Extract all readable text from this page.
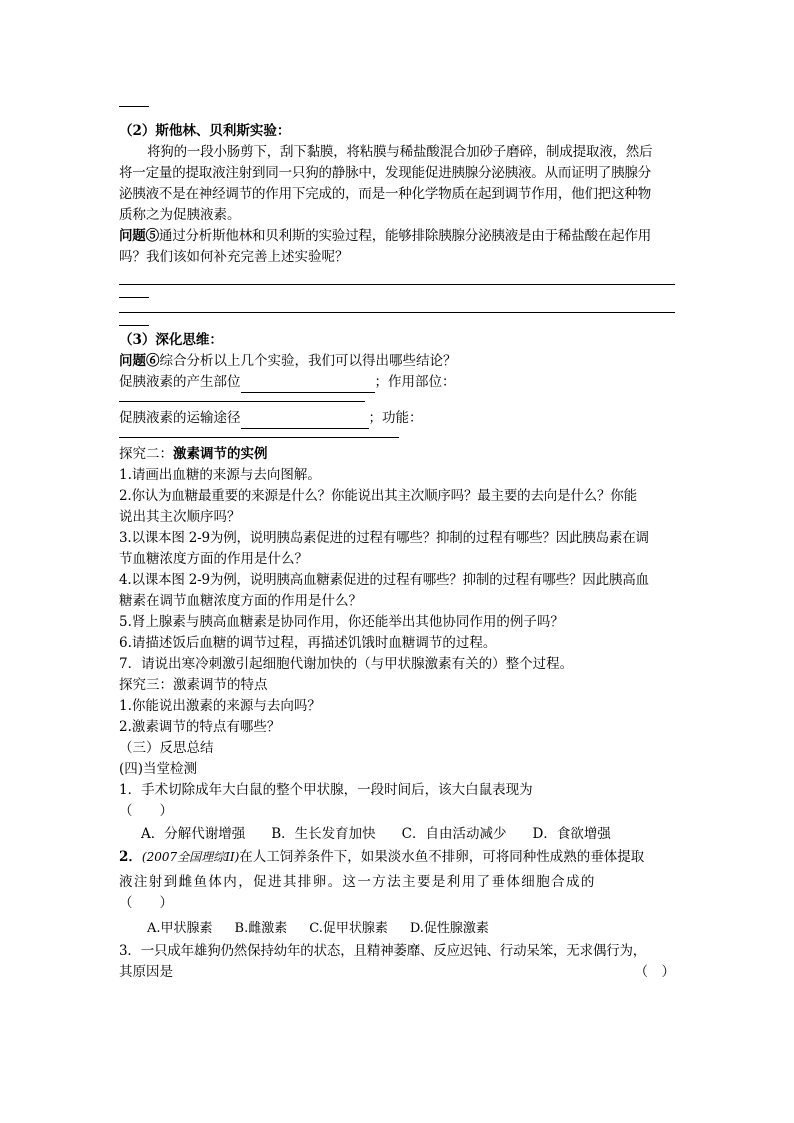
（2）斯他林、贝利斯实验：
将狗的一段小肠剪下，刮下黏膜，将粘膜与稀盐酸混合加砂子磨碎，制成提取液，然后
将一定量的提取液注射到同一只狗的静脉中，发现能促进胰腺分泌胰液。从而证明了胰腺分
泌胰液不是在神经调节的作用下完成的，而是一种化学物质在起到调节作用，他们把这种物
质称之为促胰液素。
问题⑤通过分析斯他林和贝利斯的实验过程，能够排除胰腺分泌胰液是由于稀盐酸在起作用
吗？我们该如何补充完善上述实验呢？
（3）深化思维：
问题⑥综合分析以上几个实验，我们可以得出哪些结论？
促胰液素的产生部位	；作用部位：
促胰液素的运输途径	；功能：
探究二：激素调节的实例
1.请画出血糖的来源与去向图解。
2.你认为血糖最重要的来源是什么？你能说出其主次顺序吗？最主要的去向是什么？你能
说出其主次顺序吗？
3.以课本图 2-9为例，说明胰岛素促进的过程有哪些？抑制的过程有哪些？因此胰岛素在调
节血糖浓度方面的作用是什么？
4.以课本图 2-9为例，说明胰高血糖素促进的过程有哪些？抑制的过程有哪些？因此胰高血
糖素在调节血糖浓度方面的作用是什么？
5.肾上腺素与胰高血糖素是协同作用，你还能举出其他协同作用的例子吗？
6.请描述饭后血糖的调节过程，再描述饥饿时血糖调节的过程。
7．请说出寒冷刺激引起细胞代谢加快的（与甲状腺激素有关的）整个过程。
探究三：激素调节的特点
1.你能说出激素的来源与去向吗？
2.激素调节的特点有哪些？
（三）反思总结
(四)当堂检测
1．手术切除成年大白鼠的整个甲状腺，一段时间后，该大白鼠表现为
（　　）
A．分解代谢增强 B．生长发育加快 C．自由活动减少 D．食欲增强
2．(2007全国理综II)在人工饲养条件下，如果淡水鱼不排卵，可将同种性成熟的垂体提取
液注射到雌鱼体内，促进其排卵。这一方法主要是利用了垂体细胞合成的
（　　）
A.甲状腺素 B.雌激素 C.促甲状腺素 D.促性腺激素
3．一只成年雄狗仍然保持幼年的状态，且精神萎靡、反应迟钝、行动呆笨，无求偶行为，
其原因是	（　）
